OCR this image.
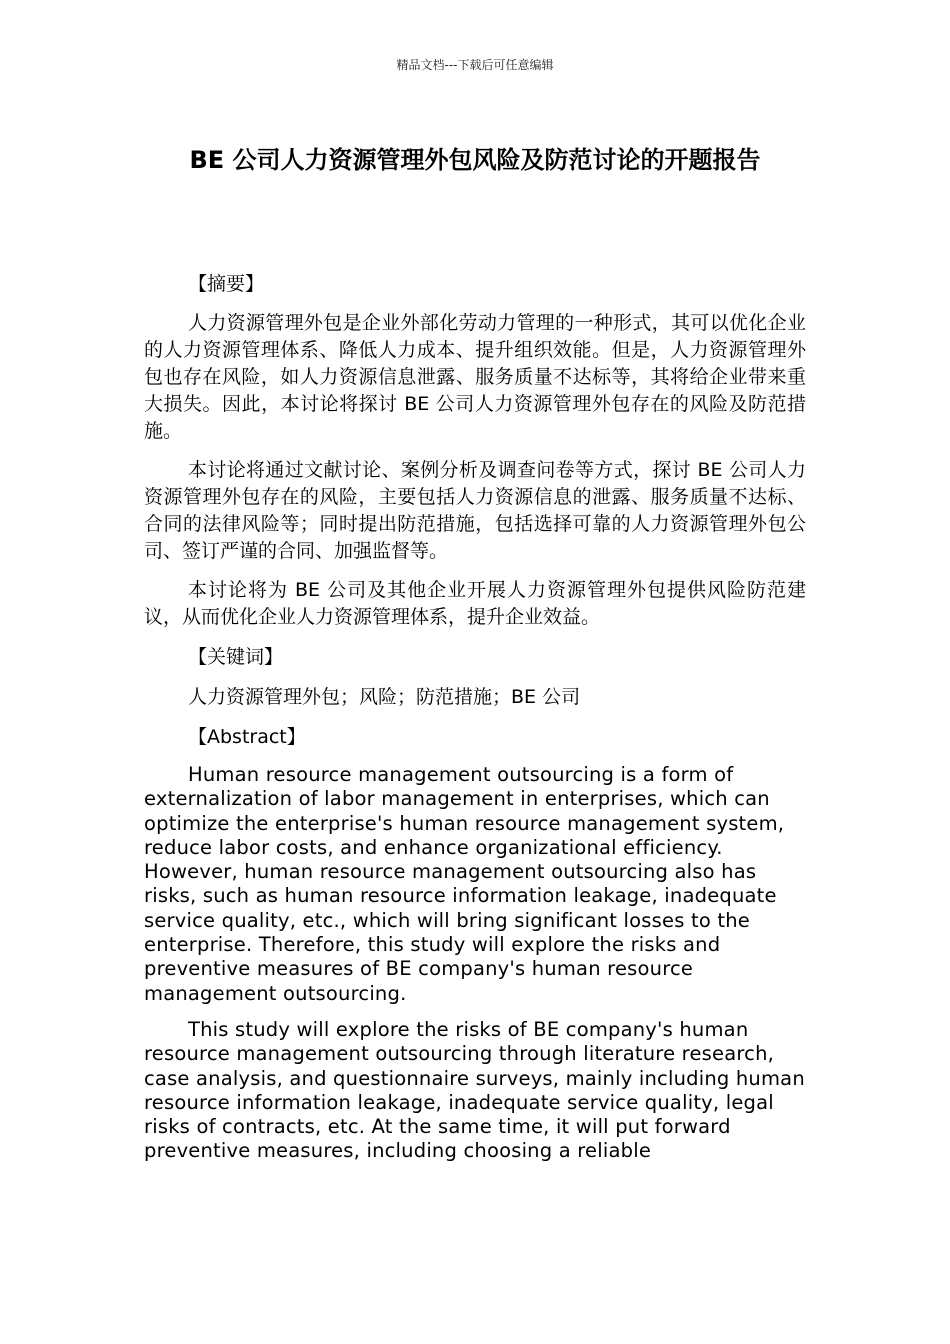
精品文档---下载后可任意编辑
BE 公司人力资源管理外包风险及防范讨论的开题报告

【摘要】

人力资源管理外包是企业外部化劳动力管理的一种形式，其可以优化企业的人力资源管理体系、降低人力成本、提升组织效能。但是，人力资源管理外包也存在风险，如人力资源信息泄露、服务质量不达标等，其将给企业带来重大损失。因此，本讨论将探讨 BE 公司人力资源管理外包存在的风险及防范措施。

本讨论将通过文献讨论、案例分析及调查问卷等方式，探讨 BE 公司人力资源管理外包存在的风险，主要包括人力资源信息的泄露、服务质量不达标、合同的法律风险等；同时提出防范措施，包括选择可靠的人力资源管理外包公司、签订严谨的合同、加强监督等。

本讨论将为 BE 公司及其他企业开展人力资源管理外包提供风险防范建议，从而优化企业人力资源管理体系，提升企业效益。

【关键词】

人力资源管理外包；风险；防范措施；BE 公司

【Abstract】

Human resource management outsourcing is a form of externalization of labor management in enterprises, which can optimize the enterprise's human resource management system, reduce labor costs, and enhance organizational efficiency. However, human resource management outsourcing also has risks, such as human resource information leakage, inadequate service quality, etc., which will bring significant losses to the enterprise. Therefore, this study will explore the risks and preventive measures of BE company's human resource management outsourcing.

This study will explore the risks of BE company's human resource management outsourcing through literature research, case analysis, and questionnaire surveys, mainly including human resource information leakage, inadequate service quality, legal risks of contracts, etc. At the same time, it will put forward preventive measures, including choosing a reliable
